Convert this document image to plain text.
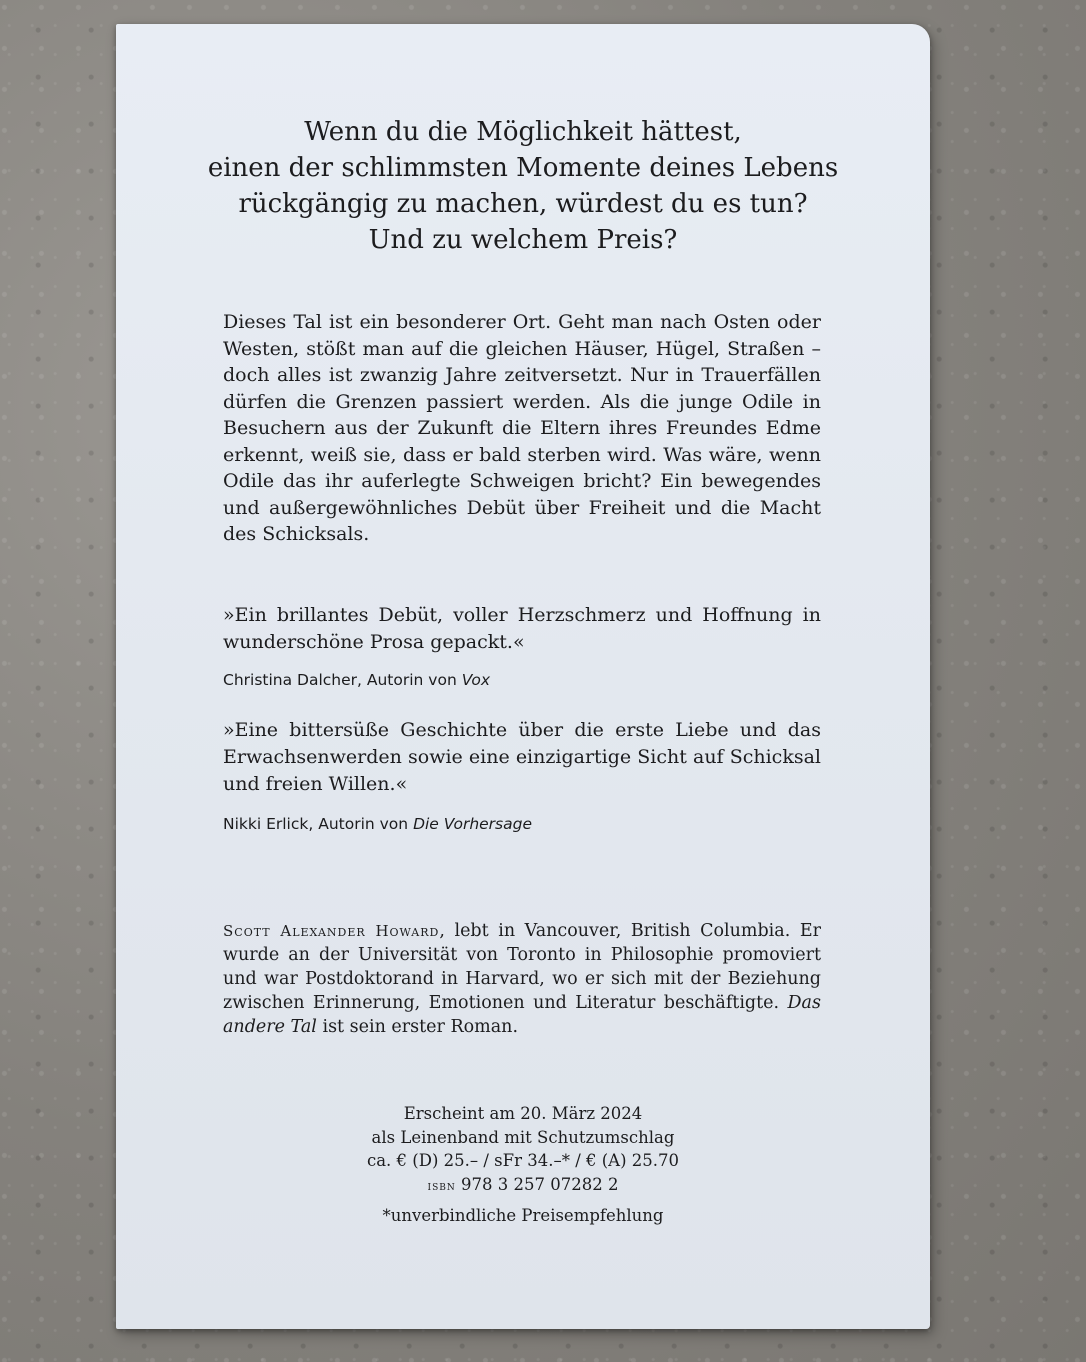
Wenn du die Möglichkeit hättest,
einen der schlimmsten Momente deines Lebens
rückgängig zu machen, würdest du es tun?
Und zu welchem Preis?

Dieses Tal ist ein besonderer Ort. Geht man nach Osten oder Westen, stößt man auf die gleichen Häuser, Hügel, Straßen – doch alles ist zwanzig Jahre zeitversetzt. Nur in Trauerfällen dürfen die Grenzen passiert werden. Als die junge Odile in Besuchern aus der Zukunft die Eltern ihres Freundes Edme erkennt, weiß sie, dass er bald sterben wird. Was wäre, wenn Odile das ihr auferlegte Schweigen bricht? Ein bewegendes und außergewöhnliches Debüt über Freiheit und die Macht des Schicksals.

»Ein brillantes Debüt, voller Herzschmerz und Hoffnung in wunderschöne Prosa gepackt.«

Christina Dalcher, Autorin von Vox

»Eine bittersüße Geschichte über die erste Liebe und das Erwachsenwerden sowie eine einzigartige Sicht auf Schicksal und freien Willen.«

Nikki Erlick, Autorin von Die Vorhersage

Scott Alexander Howard, lebt in Vancouver, British Columbia. Er wurde an der Universität von Toronto in Philosophie promoviert und war Postdoktorand in Harvard, wo er sich mit der Beziehung zwischen Erinnerung, Emotionen und Literatur beschäftigte. Das andere Tal ist sein erster Roman.

Erscheint am 20. März 2024
als Leinenband mit Schutzumschlag
ca. € (D) 25.– / sFr 34.–* / € (A) 25.70
isbn 978 3 257 07282 2
*unverbindliche Preisempfehlung
